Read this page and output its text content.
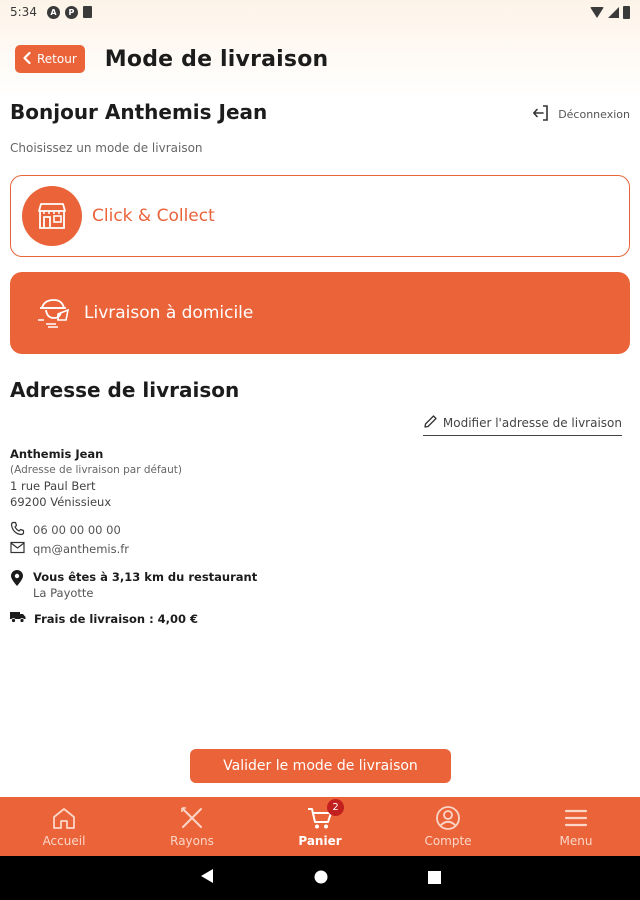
5:34	A	P
Retour Mode de livraison
Bonjour Anthemis Jean	Déconnexion
Choisissez un mode de livraison
Click & Collect
Livraison à domicile
Adresse de livraison
Modifier l'adresse de livraison
Anthemis Jean
(Adresse de livraison par défaut)
1 rue Paul Bert
69200 Vénissieux
06 00 00 00 00
qm@anthemis.fr
Vous êtes à 3,13 km du restaurant
La Payotte
Frais de livraison : 4,00 €
Valider le mode de livraison
Accueil	Rayons
2
Panier	Compte	Menu
